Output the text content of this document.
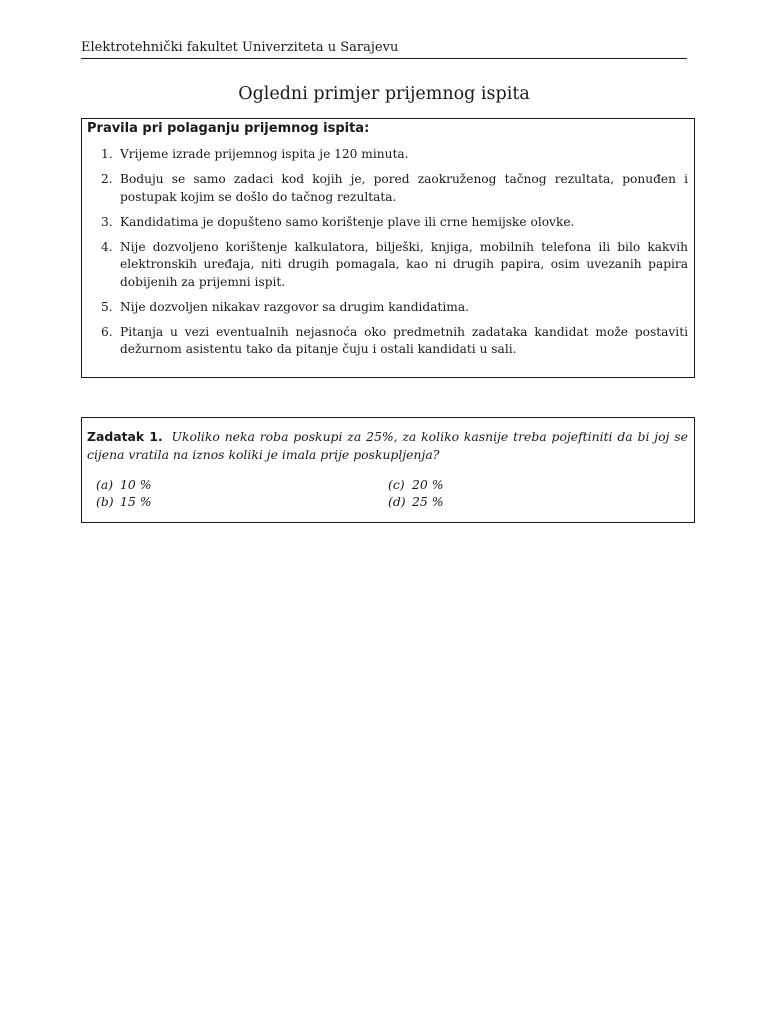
Elektrotehnički fakultet Univerziteta u Sarajevu
Ogledni primjer prijemnog ispita
Pravila pri polaganju prijemnog ispita:
1. Vrijeme izrade prijemnog ispita je 120 minuta.
2. Boduju se samo zadaci kod kojih je, pored zaokruženog tačnog rezultata, ponuđen i postupak kojim se došlo do tačnog rezultata.
3. Kandidatima je dopušteno samo korištenje plave ili crne hemijske olovke.
4. Nije dozvoljeno korištenje kalkulatora, bilješki, knjiga, mobilnih telefona ili bilo kakvih elektronskih uređaja, niti drugih pomagala, kao ni drugih papira, osim uvezanih papira dobijenih za prijemni ispit.
5. Nije dozvoljen nikakav razgovor sa drugim kandidatima.
6. Pitanja u vezi eventualnih nejasnoća oko predmetnih zadataka kandidat može postaviti dežurnom asistentu tako da pitanje čuju i ostali kandidati u sali.
Zadatak 1. Ukoliko neka roba poskupi za 25%, za koliko kasnije treba pojeftiniti da bi joj se cijena vratila na iznos koliki je imala prije poskupljenja?
(a) 10 %
(b) 15 %
(c) 20 %
(d) 25 %
